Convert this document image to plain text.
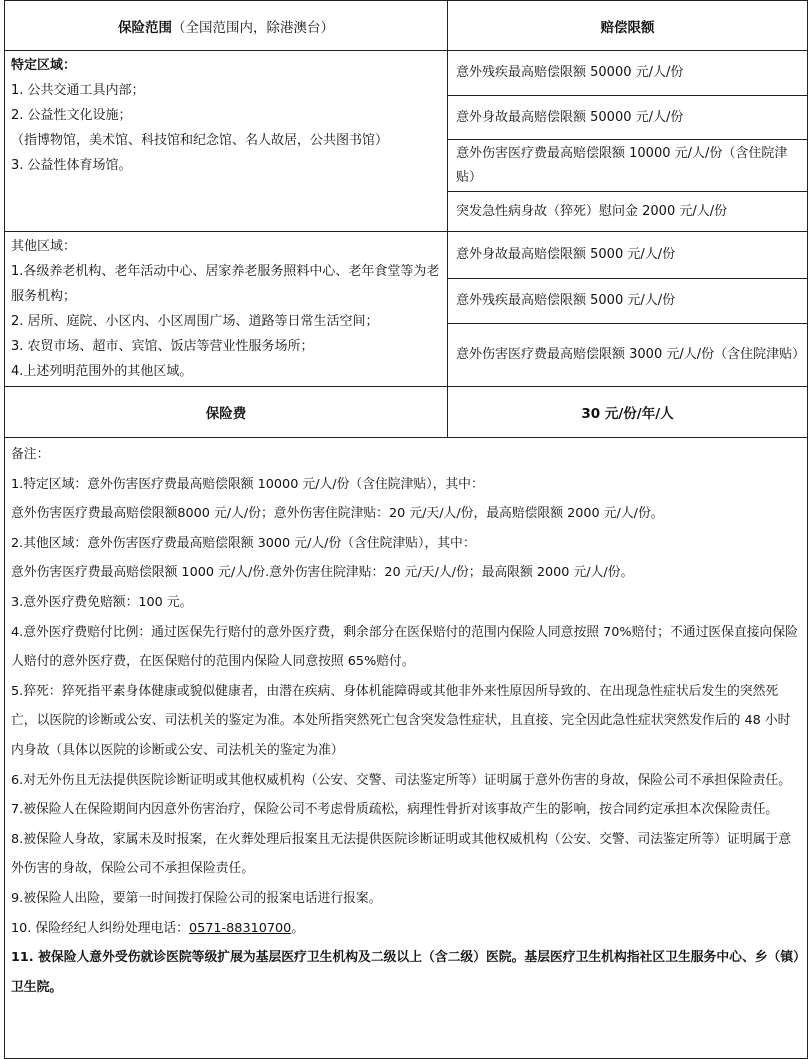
保险范围 （全国范围内，除港澳台）	赔偿限额
特定区域：
1. 公共交通工具内部；
2. 公益性文化设施；
（指博物馆，美术馆、科技馆和纪念馆、名人故居，公共图书馆）
3. 公益性体育场馆。
意外残疾最高赔偿限额 50000 元/人/份
意外身故最高赔偿限额 50000 元/人/份
意外伤害医疗费最高赔偿限额 10000 元/人/份（含住院津贴）
突发急性病身故（猝死）慰问金 2000 元/人/份
其他区域：
1.各级养老机构、老年活动中心、居家养老服务照料中心、老年食堂等为老服务机构；
2. 居所、庭院、小区内、小区周围广场、道路等日常生活空间；
3. 农贸市场、超市、宾馆、饭店等营业性服务场所；
4.上述列明范围外的其他区域。
意外身故最高赔偿限额 5000 元/人/份
意外残疾最高赔偿限额 5000 元/人/份
意外伤害医疗费最高赔偿限额 3000 元/人/份（含住院津贴）
保险费	30 元/份/年/人
备注：
1.特定区域：意外伤害医疗费最高赔偿限额 10000 元/人/份（含住院津贴），其中：
意外伤害医疗费最高赔偿限额8000 元/人/份；意外伤害住院津贴：20 元/天/人/份，最高赔偿限额 2000 元/人/份。
2.其他区域：意外伤害医疗费最高赔偿限额 3000 元/人/份（含住院津贴），其中：
意外伤害医疗费最高赔偿限额 1000 元/人/份.意外伤害住院津贴：20 元/天/人/份；最高限额 2000 元/人/份。
3.意外医疗费免赔额：100 元。
4.意外医疗费赔付比例：通过医保先行赔付的意外医疗费，剩余部分在医保赔付的范围内保险人同意按照 70%赔付；不通过医保直接向保险人赔付的意外医疗费，在医保赔付的范围内保险人同意按照 65%赔付。
5.猝死：猝死指平素身体健康或貌似健康者，由潜在疾病、身体机能障碍或其他非外来性原因所导致的、在出现急性症状后发生的突然死亡，以医院的诊断或公安、司法机关的鉴定为准。本处所指突然死亡包含突发急性症状，且直接、完全因此急性症状突然发作后的 48 小时内身故（具体以医院的诊断或公安、司法机关的鉴定为准）
6.对无外伤且无法提供医院诊断证明或其他权威机构（公安、交警、司法鉴定所等）证明属于意外伤害的身故，保险公司不承担保险责任。
7.被保险人在保险期间内因意外伤害治疗，保险公司不考虑骨质疏松，病理性骨折对该事故产生的影响，按合同约定承担本次保险责任。
8.被保险人身故，家属未及时报案，在火葬处理后报案且无法提供医院诊断证明或其他权威机构（公安、交警、司法鉴定所等）证明属于意外伤害的身故，保险公司不承担保险责任。
9.被保险人出险，要第一时间拨打保险公司的报案电话进行报案。
10. 保险经纪人纠纷处理电话：0571-88310700。
11. 被保险人意外受伤就诊医院等级扩展为基层医疗卫生机构及二级以上（含二级）医院。基层医疗卫生机构指社区卫生服务中心、乡（镇）卫生院。
